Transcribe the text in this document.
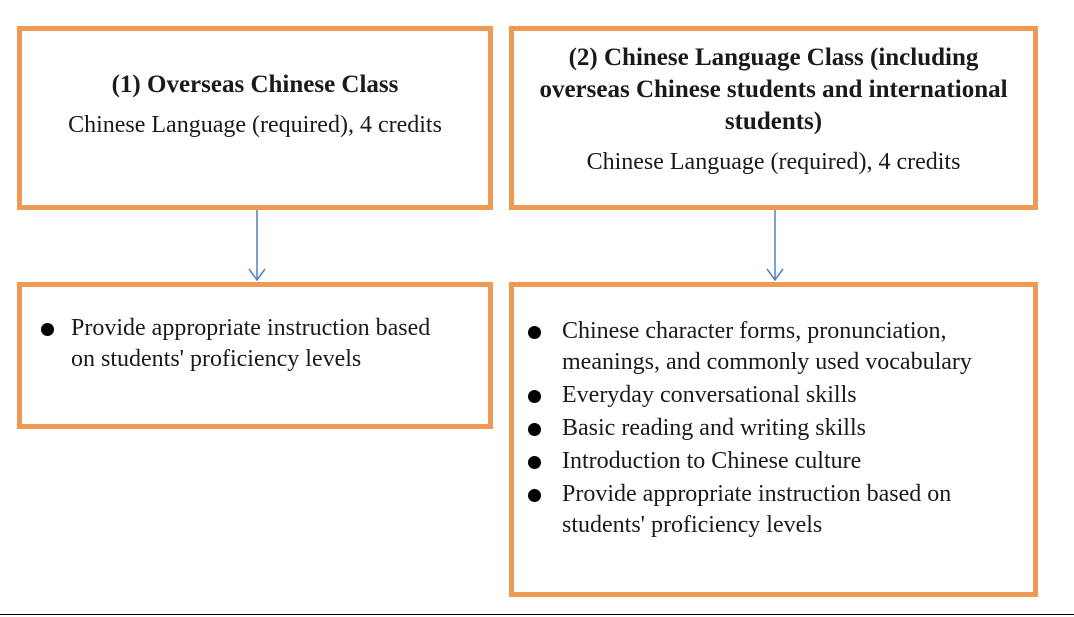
(1) Overseas Chinese Class
Chinese Language (required), 4 credits
(2) Chinese Language Class (including overseas Chinese students and international students)
Chinese Language (required), 4 credits
Provide appropriate instruction based on students' proficiency levels
Chinese character forms, pronunciation, meanings, and commonly used vocabulary
Everyday conversational skills
Basic reading and writing skills
Introduction to Chinese culture
Provide appropriate instruction based on students' proficiency levels
